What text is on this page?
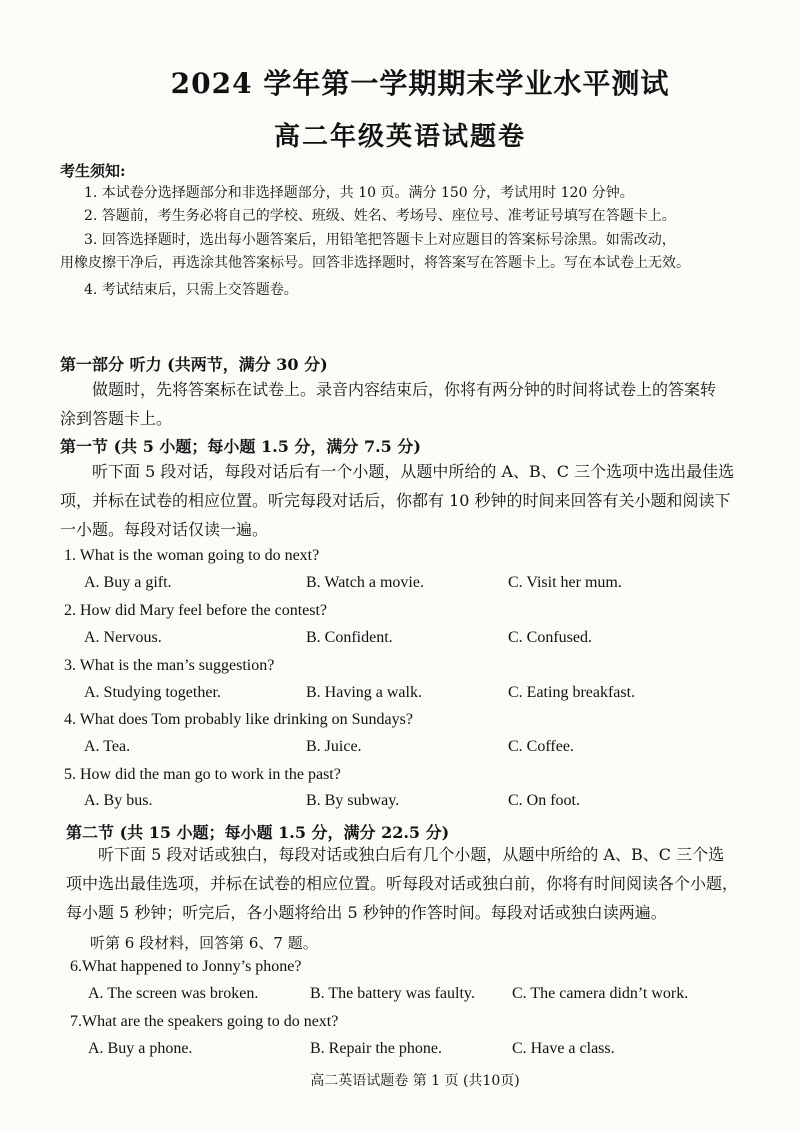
2024 学年第一学期期末学业水平测试
高二年级英语试题卷
考生须知:
1. 本试卷分选择题部分和非选择题部分，共 10 页。满分 150 分，考试用时 120 分钟。
2. 答题前，考生务必将自己的学校、班级、姓名、考场号、座位号、准考证号填写在答题卡上。
3. 回答选择题时，选出每小题答案后，用铅笔把答题卡上对应题目的答案标号涂黑。如需改动，
用橡皮擦干净后，再选涂其他答案标号。回答非选择题时，将答案写在答题卡上。写在本试卷上无效。
4. 考试结束后，只需上交答题卷。
第一部分 听力 (共两节，满分 30 分)
做题时，先将答案标在试卷上。录音内容结束后，你将有两分钟的时间将试卷上的答案转
涂到答题卡上。
第一节 (共 5 小题；每小题 1.5 分，满分 7.5 分)
听下面 5 段对话，每段对话后有一个小题，从题中所给的 A、B、C 三个选项中选出最佳选
项，并标在试卷的相应位置。听完每段对话后，你都有 10 秒钟的时间来回答有关小题和阅读下
一小题。每段对话仅读一遍。
1. What is the woman going to do next?
A. Buy a gift.	B. Watch a movie.	C. Visit her mum.
2. How did Mary feel before the contest?
A. Nervous.	B. Confident.	C. Confused.
3. What is the man’s suggestion?
A. Studying together.	B. Having a walk.	C. Eating breakfast.
4. What does Tom probably like drinking on Sundays?
A. Tea.	B. Juice.	C. Coffee.
5. How did the man go to work in the past?
A. By bus.	B. By subway.	C. On foot.
第二节 (共 15 小题；每小题 1.5 分，满分 22.5 分)
听下面 5 段对话或独白，每段对话或独白后有几个小题，从题中所给的 A、B、C 三个选
项中选出最佳选项，并标在试卷的相应位置。听每段对话或独白前，你将有时间阅读各个小题，
每小题 5 秒钟；听完后，各小题将给出 5 秒钟的作答时间。每段对话或独白读两遍。
听第 6 段材料，回答第 6、7 题。
6.What happened to Jonny’s phone?
A. The screen was broken.	B. The battery was faulty. C. The camera didn’t work.
7.What are the speakers going to do next?
A. Buy a phone.	B. Repair the phone.	C. Have a class.
高二英语试题卷 第 1 页 (共10页)
